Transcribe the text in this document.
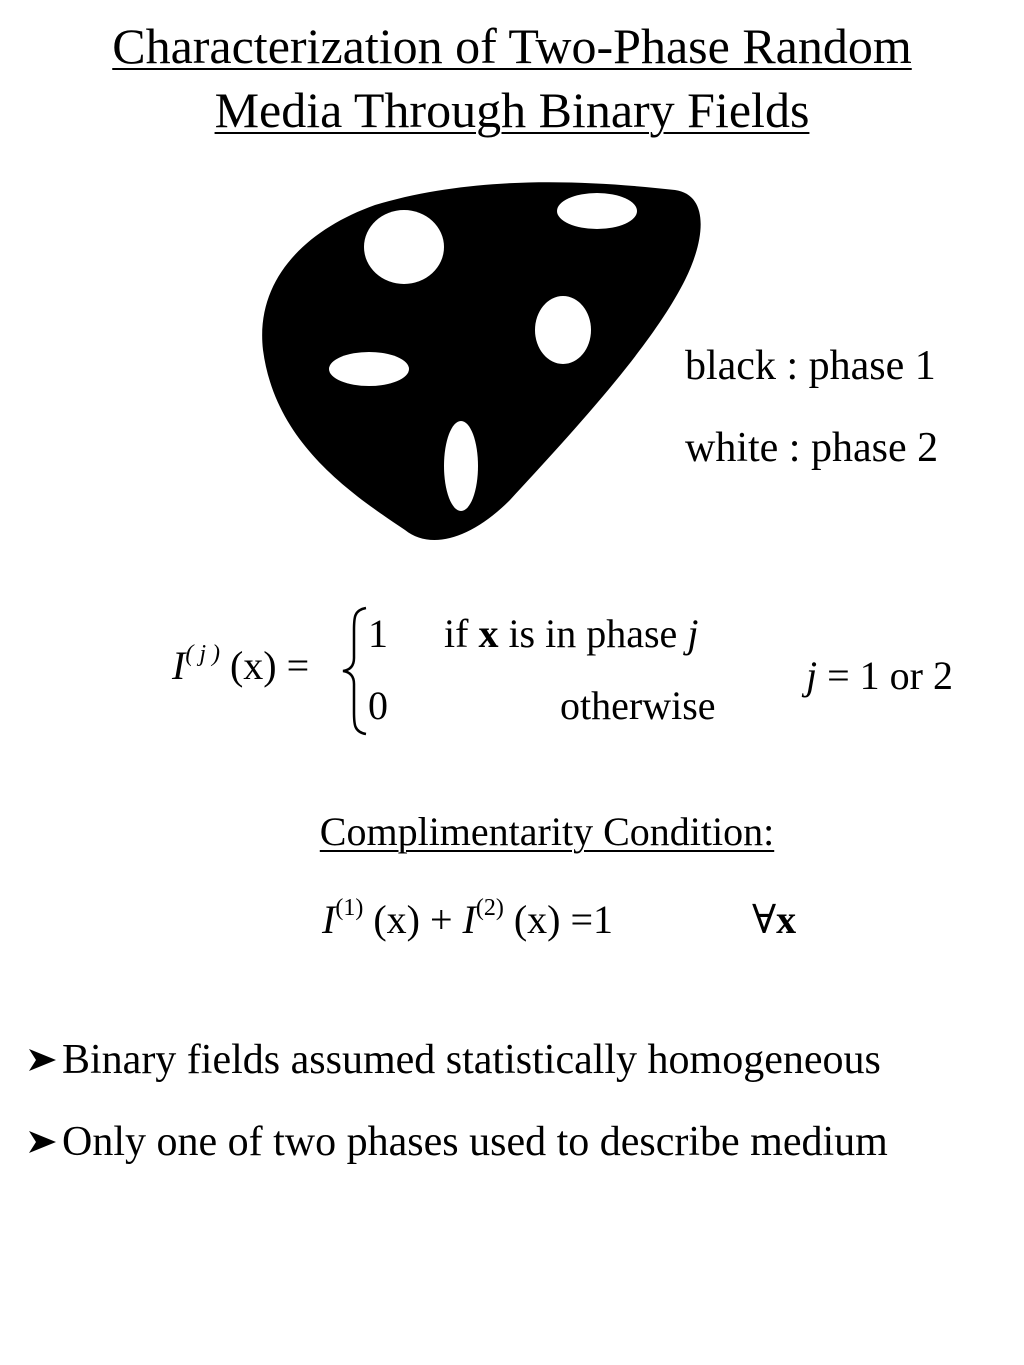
Characterization of Two-Phase Random
Media Through Binary Fields
black : phase 1
white : phase 2
$I^{( j )}$ (x) =
1 if x is in phase j
0	otherwise
j = 1 or 2
Complimentarity Condition:
$I^{(1)}$ $(x) + I^{(2)}$ (x) =1	∀x
Binary fields assumed statistically homogeneous
Only one of two phases used to describe medium
